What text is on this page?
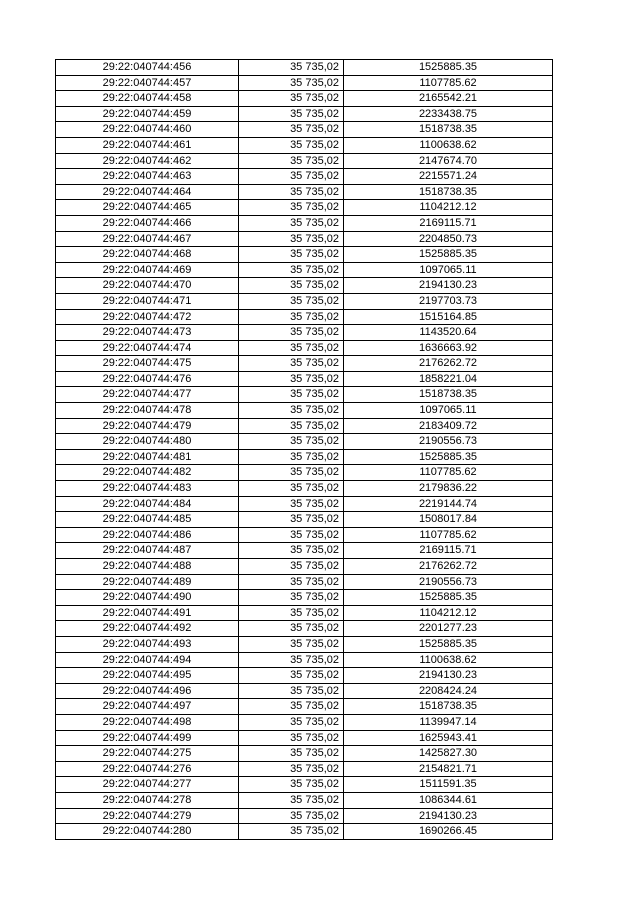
29:22:040744:456	35 735,02	1525885.35
29:22:040744:457	35 735,02	1107785.62
29:22:040744:458	35 735,02	2165542.21
29:22:040744:459	35 735,02	2233438.75
29:22:040744:460	35 735,02	1518738.35
29:22:040744:461	35 735,02	1100638.62
29:22:040744:462	35 735,02	2147674.70
29:22:040744:463	35 735,02	2215571.24
29:22:040744:464	35 735,02	1518738.35
29:22:040744:465	35 735,02	1104212.12
29:22:040744:466	35 735,02	2169115.71
29:22:040744:467	35 735,02	2204850.73
29:22:040744:468	35 735,02	1525885.35
29:22:040744:469	35 735,02	1097065.11
29:22:040744:470	35 735,02	2194130.23
29:22:040744:471	35 735,02	2197703.73
29:22:040744:472	35 735,02	1515164.85
29:22:040744:473	35 735,02	1143520.64
29:22:040744:474	35 735,02	1636663.92
29:22:040744:475	35 735,02	2176262.72
29:22:040744:476	35 735,02	1858221.04
29:22:040744:477	35 735,02	1518738.35
29:22:040744:478	35 735,02	1097065.11
29:22:040744:479	35 735,02	2183409.72
29:22:040744:480	35 735,02	2190556.73
29:22:040744:481	35 735,02	1525885.35
29:22:040744:482	35 735,02	1107785.62
29:22:040744:483	35 735,02	2179836.22
29:22:040744:484	35 735,02	2219144.74
29:22:040744:485	35 735,02	1508017.84
29:22:040744:486	35 735,02	1107785.62
29:22:040744:487	35 735,02	2169115.71
29:22:040744:488	35 735,02	2176262.72
29:22:040744:489	35 735,02	2190556.73
29:22:040744:490	35 735,02	1525885.35
29:22:040744:491	35 735,02	1104212.12
29:22:040744:492	35 735,02	2201277.23
29:22:040744:493	35 735,02	1525885.35
29:22:040744:494	35 735,02	1100638.62
29:22:040744:495	35 735,02	2194130.23
29:22:040744:496	35 735,02	2208424.24
29:22:040744:497	35 735,02	1518738.35
29:22:040744:498	35 735,02	1139947.14
29:22:040744:499	35 735,02	1625943.41
29:22:040744:275	35 735,02	1425827.30
29:22:040744:276	35 735,02	2154821.71
29:22:040744:277	35 735,02	1511591.35
29:22:040744:278	35 735,02	1086344.61
29:22:040744:279	35 735,02	2194130.23
29:22:040744:280	35 735,02	1690266.45
